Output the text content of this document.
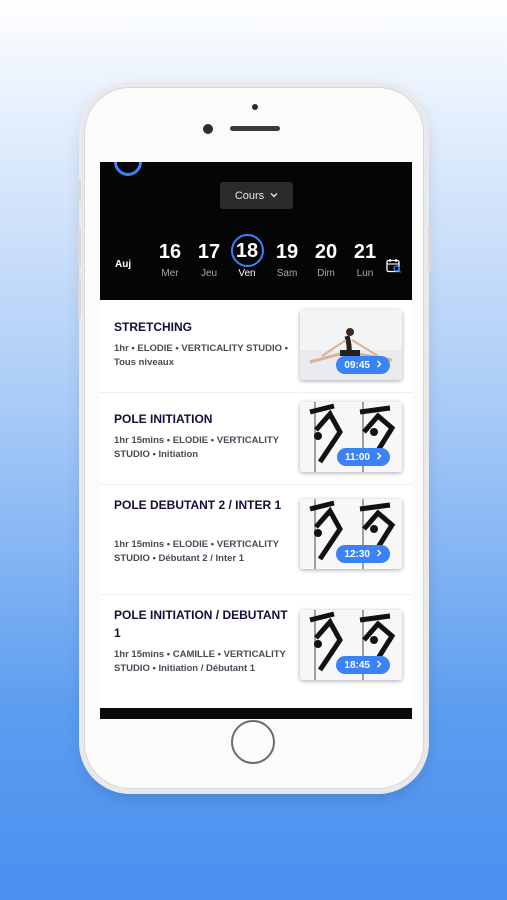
Cours
Auj
16
Mer
17
Jeu
18
Ven
19
Sam
20
Dim
21
Lun
STRETCHING
1hr • ELODIE • VERTICALITY STUDIO • Tous niveaux	09:45
POLE INITIATION
1hr 15mins • ELODIE • VERTICALITY STUDIO • Initiation	11:00
POLE DEBUTANT 2 / INTER 1
1hr 15mins • ELODIE • VERTICALITY STUDIO • Débutant 2 / Inter 1	12:30
POLE INITIATION / DEBUTANT 1
1hr 15mins • CAMILLE • VERTICALITY STUDIO • Initiation / Débutant 1	18:45
